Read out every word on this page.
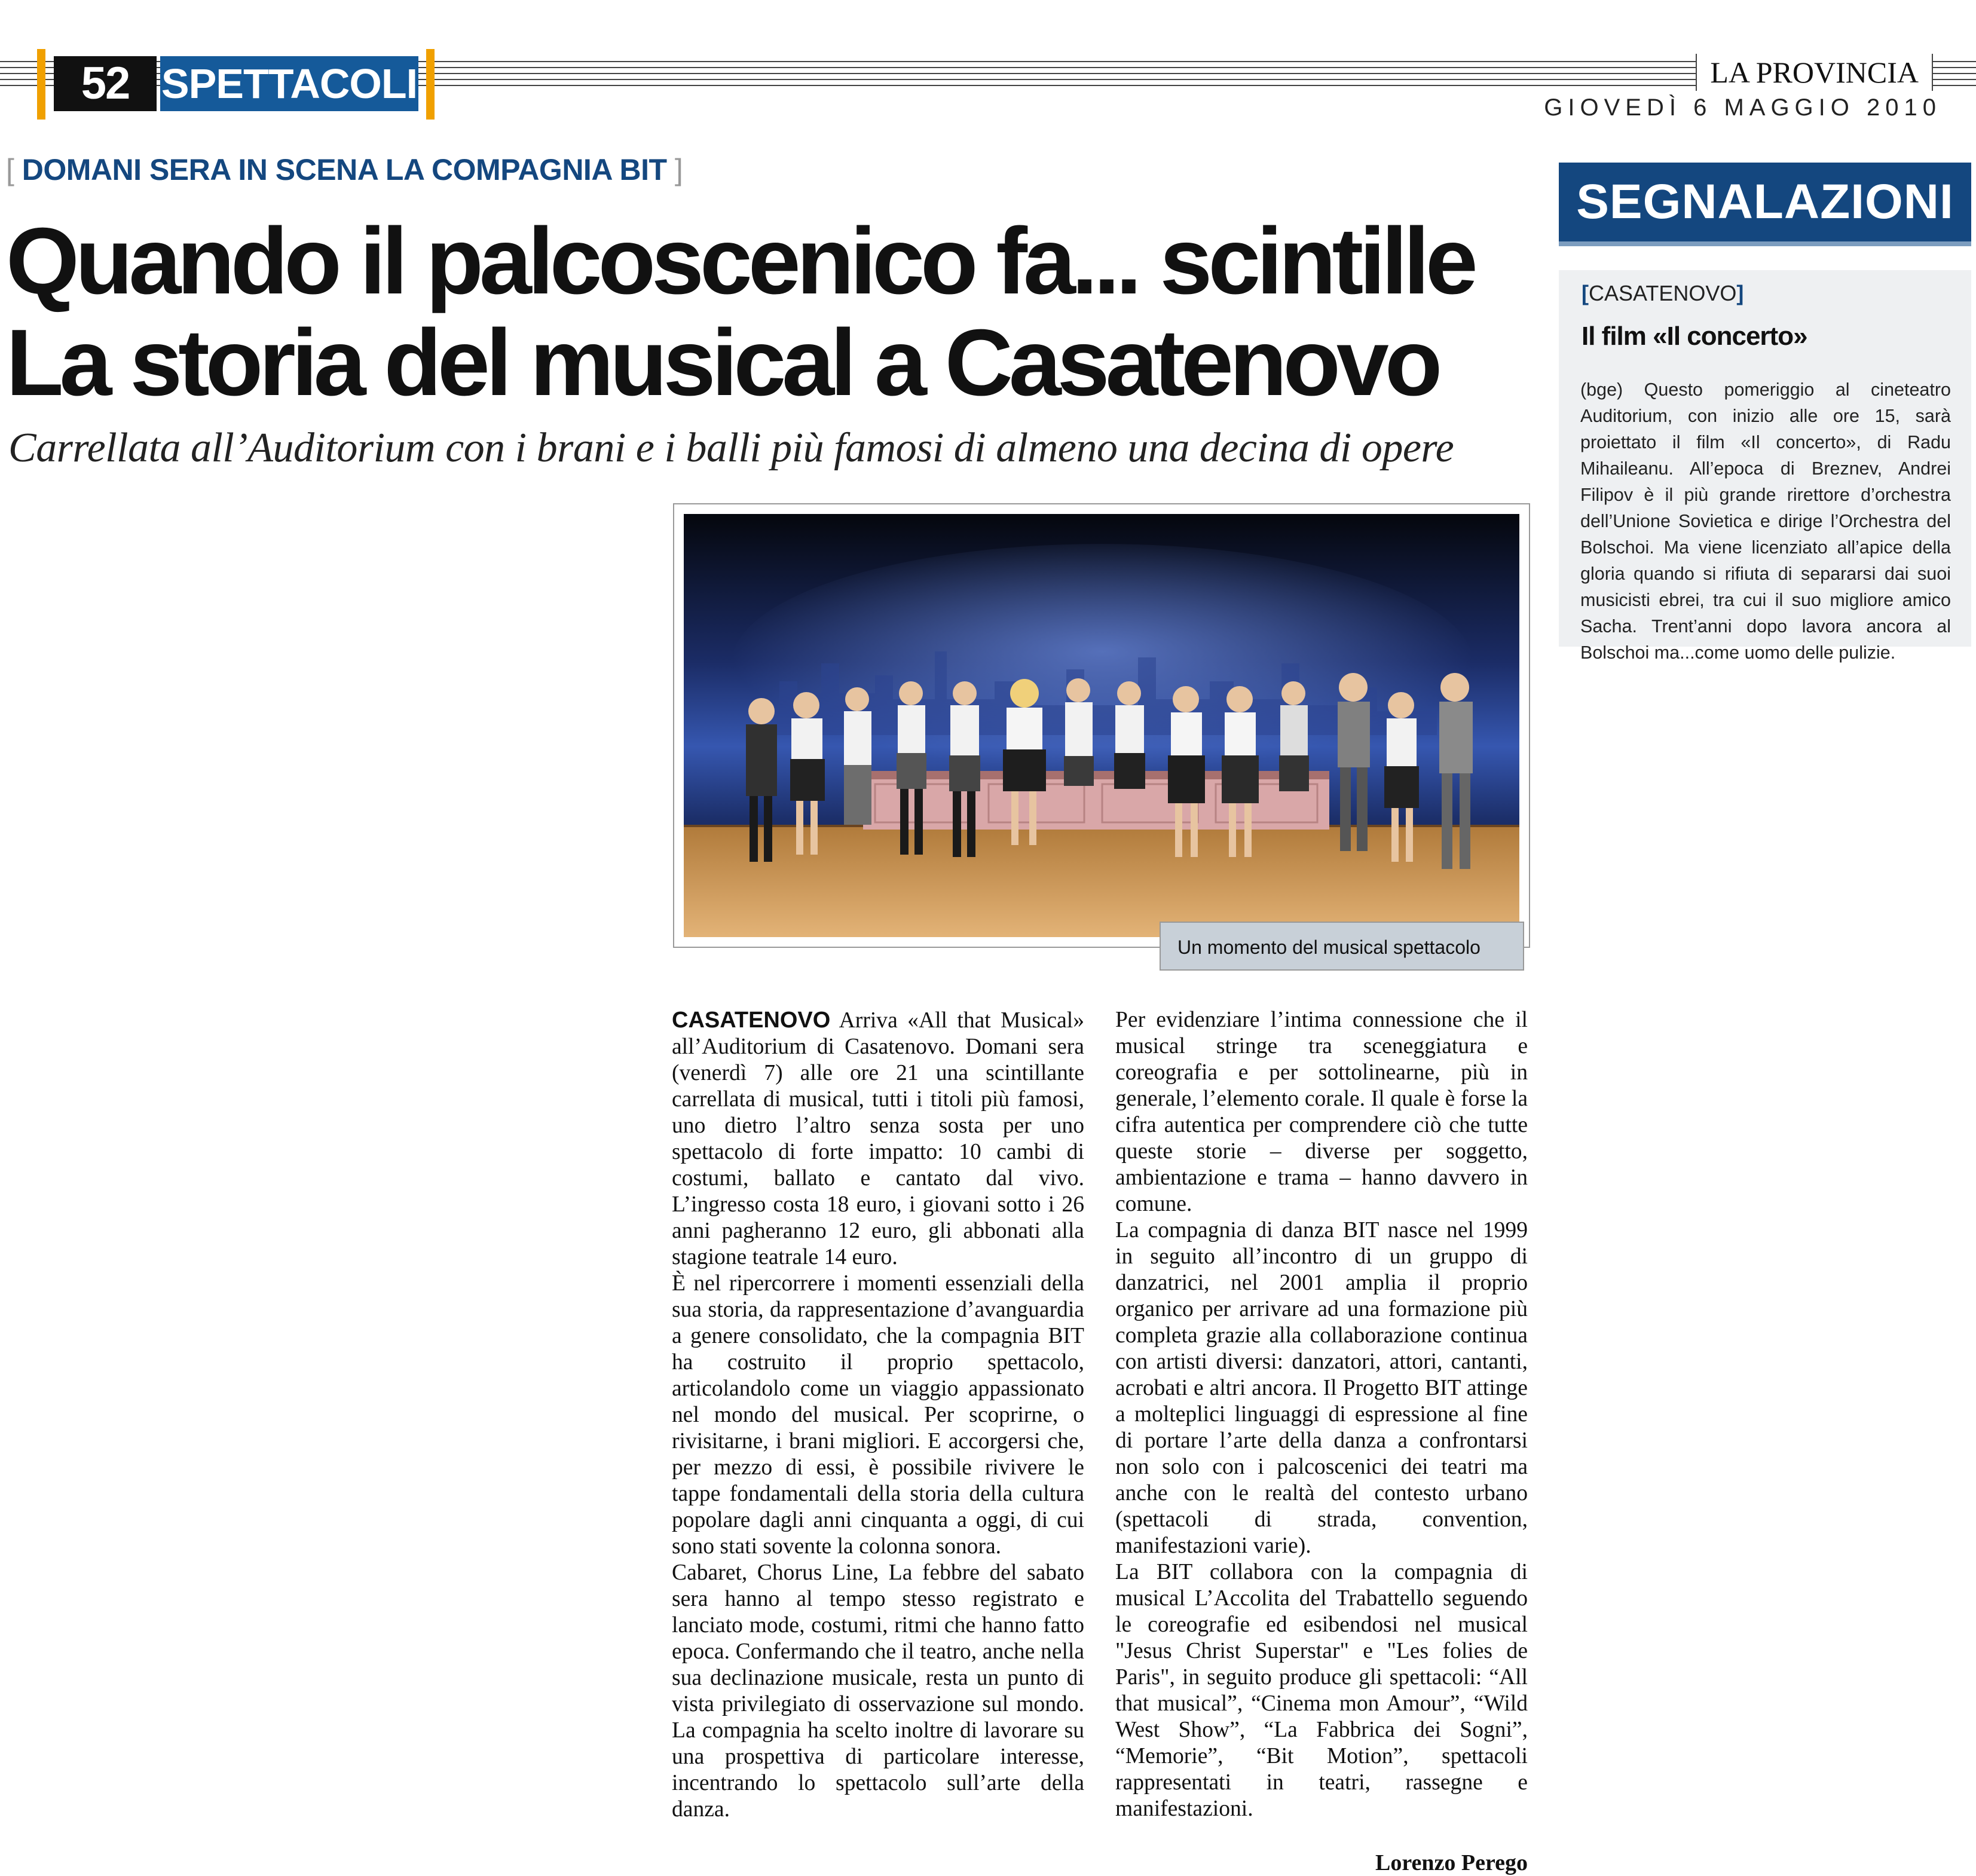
52 SPETTACOLI	LA PROVINCIA
GIOVEDÌ 6 MAGGIO 2010
[ DOMANI SERA IN SCENA LA COMPAGNIA BIT ]
Quando il palcoscenico fa... scintille
La storia del musical a Casatenovo
Carrellata all’Auditorium con i brani e i balli più famosi di almeno una decina di opere
Un momento del musical spettacolo

CASATENOVO Arriva «All that Musical» all’Auditorium di Casatenovo. Domani sera (venerdì 7) alle ore 21 una scintillante carrellata di musical, tutti i titoli più famosi, uno dietro l’altro senza sosta per uno spettacolo di forte impatto: 10 cambi di costumi, ballato e cantato dal vivo. L’ingresso costa 18 euro, i giovani sotto i 26 anni pagheranno 12 euro, gli abbonati alla stagione teatrale 14 euro.

È nel ripercorrere i momenti essenziali della sua storia, da rappresentazione d’avanguardia a genere consolidato, che la compagnia BIT ha costruito il proprio spettacolo, articolandolo come un viaggio appassionato nel mondo del musical. Per scoprirne, o rivisitarne, i brani migliori. E accorgersi che, per mezzo di essi, è possibile rivivere le tappe fondamentali della storia della cultura popolare dagli anni cinquanta a oggi, di cui sono stati sovente la colonna sonora.

Cabaret, Chorus Line, La febbre del sabato sera hanno al tempo stesso registrato e lanciato mode, costumi, ritmi che hanno fatto epoca. Confermando che il teatro, anche nella sua declinazione musicale, resta un punto di vista privilegiato di osservazione sul mondo. La compagnia ha scelto inoltre di lavorare su una prospettiva di particolare interesse, incentrando lo spettacolo sull’arte della danza.

Per evidenziare l’intima connessione che il musical stringe tra sceneggiatura e coreografia e per sottolinearne, più in generale, l’elemento corale. Il quale è forse la cifra autentica per comprendere ciò che tutte queste storie – diverse per soggetto, ambientazione e trama – hanno davvero in comune.

La compagnia di danza BIT nasce nel 1999 in seguito all’incontro di un gruppo di danzatrici, nel 2001 amplia il proprio organico per arrivare ad una formazione più completa grazie alla collaborazione continua con artisti diversi: danzatori, attori, cantanti, acrobati e altri ancora. Il Progetto BIT attinge a molteplici linguaggi di espressione al fine di portare l’arte della danza a confrontarsi non solo con i palcoscenici dei teatri ma anche con le realtà del contesto urbano (spettacoli di strada, convention, manifestazioni varie).

La BIT collabora con la compagnia di musical L’Accolita del Trabattello seguendo le coreografie ed esibendosi nel musical "Jesus Christ Superstar" e "Les folies de Paris", in seguito produce gli spettacoli: “All that musical”, “Cinema mon Amour”, “Wild West Show”, “La Fabbrica dei Sogni”, “Memorie”, “Bit Motion”, spettacoli rappresentati in teatri, rassegne e manifestazioni.

Lorenzo Perego
SEGNALAZIONI
[CASATENOVO]
Il film «Il concerto»

(bge) Questo pomeriggio al cineteatro Auditorium, con inizio alle ore 15, sarà proiettato il film «Il concerto», di Radu Mihaileanu. All’epoca di Breznev, Andrei Filipov è il più grande rirettore d’orchestra dell’Unione Sovietica e dirige l’Orchestra del Bolschoi. Ma viene licenziato all’apice della gloria quando si rifiuta di separarsi dai suoi musicisti ebrei, tra cui il suo migliore amico Sacha. Trent’anni dopo lavora ancora al Bolschoi ma...come uomo delle pulizie.
